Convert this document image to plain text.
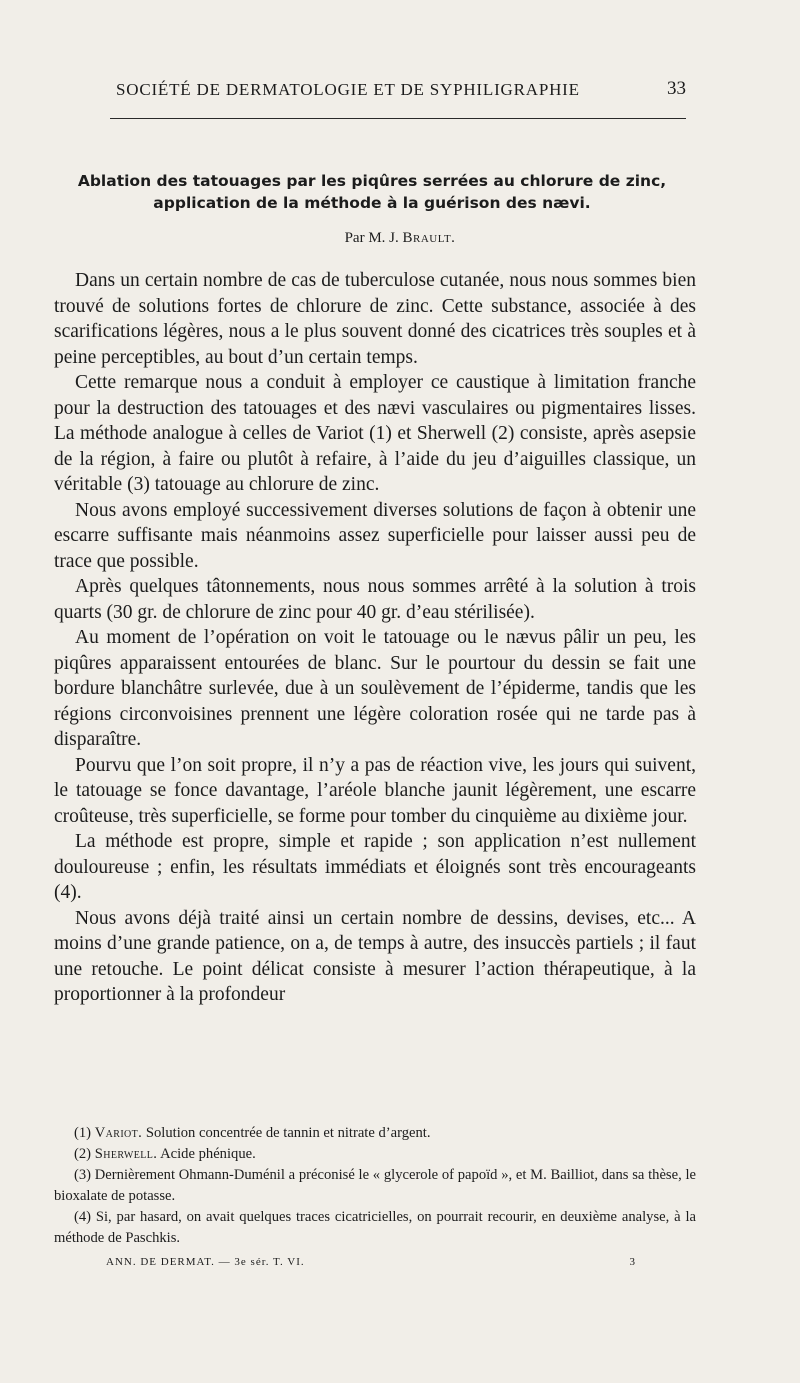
SOCIÉTÉ DE DERMATOLOGIE ET DE SYPHILIGRAPHIE	33
Ablation des tatouages par les piqûres serrées au chlorure de zinc,
application de la méthode à la guérison des nævi.
Par M. J. Brault.

Dans un certain nombre de cas de tuberculose cutanée, nous nous sommes bien trouvé de solutions fortes de chlorure de zinc. Cette substance, associée à des scarifications légères, nous a le plus souvent donné des cicatrices très souples et à peine perceptibles, au bout d’un certain temps.

Cette remarque nous a conduit à employer ce caustique à limitation franche pour la destruction des tatouages et des nævi vasculaires ou pigmentaires lisses. La méthode analogue à celles de Variot (1) et Sherwell (2) consiste, après asepsie de la région, à faire ou plutôt à refaire, à l’aide du jeu d’aiguilles classique, un véritable (3) tatouage au chlorure de zinc.

Nous avons employé successivement diverses solutions de façon à obtenir une escarre suffisante mais néanmoins assez superficielle pour laisser aussi peu de trace que possible.

Après quelques tâtonnements, nous nous sommes arrêté à la solution à trois quarts (30 gr. de chlorure de zinc pour 40 gr. d’eau stérilisée).

Au moment de l’opération on voit le tatouage ou le nævus pâlir un peu, les piqûres apparaissent entourées de blanc. Sur le pourtour du dessin se fait une bordure blanchâtre surlevée, due à un soulèvement de l’épiderme, tandis que les régions circonvoisines prennent une légère coloration rosée qui ne tarde pas à disparaître.

Pourvu que l’on soit propre, il n’y a pas de réaction vive, les jours qui suivent, le tatouage se fonce davantage, l’aréole blanche jaunit légèrement, une escarre croûteuse, très superficielle, se forme pour tomber du cinquième au dixième jour.

La méthode est propre, simple et rapide ; son application n’est nullement douloureuse ; enfin, les résultats immédiats et éloignés sont très encourageants (4).

Nous avons déjà traité ainsi un certain nombre de dessins, devises, etc... A moins d’une grande patience, on a, de temps à autre, des insuccès partiels ; il faut une retouche. Le point délicat consiste à mesurer l’action thérapeutique, à la proportionner à la profondeur

(1) Variot. Solution concentrée de tannin et nitrate d’argent.

(2) Sherwell. Acide phénique.

(3) Dernièrement Ohmann-Duménil a préconisé le « glycerole of papoïd », et M. Bailliot, dans sa thèse, le bioxalate de potasse.

(4) Si, par hasard, on avait quelques traces cicatricielles, on pourrait recourir, en deuxième analyse, à la méthode de Paschkis.

ANN. DE DERMAT. — 3e sér. T. VI.	3
